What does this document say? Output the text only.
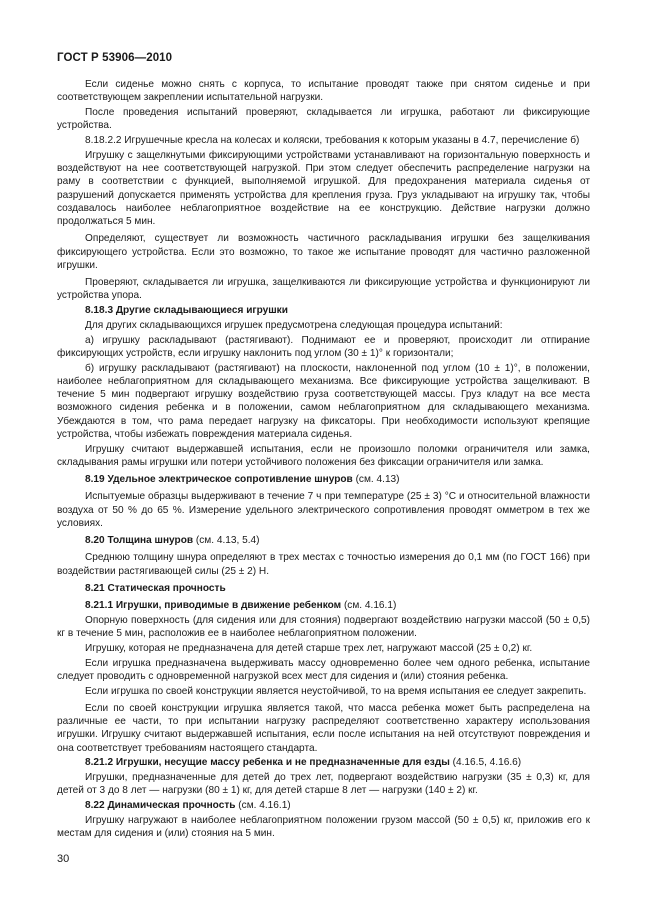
ГОСТ Р 53906—2010

Если сиденье можно снять с корпуса, то испытание проводят также при снятом сиденье и при соответствующем закреплении испытательной нагрузки.

После проведения испытаний проверяют, складывается ли игрушка, работают ли фиксирующие устройства.

8.18.2.2 Игрушечные кресла на колесах и коляски, требования к которым указаны в 4.7, перечисление б)

Игрушку с защелкнутыми фиксирующими устройствами устанавливают на горизонтальную поверхность и воздействуют на нее соответствующей нагрузкой. При этом следует обеспечить распределение нагрузки на раму в соответствии с функцией, выполняемой игрушкой. Для предохранения материала сиденья от разрушений допускается применять устройства для крепления груза. Груз укладывают на игрушку так, чтобы создавалось наиболее неблагоприятное воздействие на ее конструкцию. Действие нагрузки должно продолжаться 5 мин.

Определяют, существует ли возможность частичного раскладывания игрушки без защелкивания фиксирующего устройства. Если это возможно, то такое же испытание проводят для частично разложенной игрушки.

Проверяют, складывается ли игрушка, защелкиваются ли фиксирующие устройства и функционируют ли устройства упора.

8.18.3 Другие складывающиеся игрушки

Для других складывающихся игрушек предусмотрена следующая процедура испытаний:

а) игрушку раскладывают (растягивают). Поднимают ее и проверяют, происходит ли отпирание фиксирующих устройств, если игрушку наклонить под углом (30 ± 1)° к горизонтали;

б) игрушку раскладывают (растягивают) на плоскости, наклоненной под углом (10 ± 1)°, в положении, наиболее неблагоприятном для складывающего механизма. Все фиксирующие устройства защелкивают. В течение 5 мин подвергают игрушку воздействию груза соответствующей массы. Груз кладут на все места возможного сидения ребенка и в положении, самом неблагоприятном для складывающего механизма. Убеждаются в том, что рама передает нагрузку на фиксаторы. При необходимости используют крепящие устройства, чтобы избежать повреждения материала сиденья.

Игрушку считают выдержавшей испытания, если не произошло поломки ограничителя или замка, складывания рамы игрушки или потери устойчивого положения без фиксации ограничителя или замка.

8.19 Удельное электрическое сопротивление шнуров (см. 4.13)

Испытуемые образцы выдерживают в течение 7 ч при температуре (25 ± 3) °С и относительной влажности воздуха от 50 % до 65 %. Измерение удельного электрического сопротивления проводят омметром в тех же условиях.

8.20 Толщина шнуров (см. 4.13, 5.4)

Среднюю толщину шнура определяют в трех местах с точностью измерения до 0,1 мм (по ГОСТ 166) при воздействии растягивающей силы (25 ± 2) Н.

8.21 Статическая прочность

8.21.1 Игрушки, приводимые в движение ребенком (см. 4.16.1)

Опорную поверхность (для сидения или для стояния) подвергают воздействию нагрузки массой (50 ± 0,5) кг в течение 5 мин, расположив ее в наиболее неблагоприятном положении.

Игрушку, которая не предназначена для детей старше трех лет, нагружают массой (25 ± 0,2) кг.

Если игрушка предназначена выдерживать массу одновременно более чем одного ребенка, испытание следует проводить с одновременной нагрузкой всех мест для сидения и (или) стояния ребенка.

Если игрушка по своей конструкции является неустойчивой, то на время испытания ее следует закрепить.

Если по своей конструкции игрушка является такой, что масса ребенка может быть распределена на различные ее части, то при испытании нагрузку распределяют соответственно характеру использования игрушки. Игрушку считают выдержавшей испытания, если после испытания на ней отсутствуют повреждения и она соответствует требованиям настоящего стандарта.

8.21.2 Игрушки, несущие массу ребенка и не предназначенные для езды (4.16.5, 4.16.6)

Игрушки, предназначенные для детей до трех лет, подвергают воздействию нагрузки (35 ± 0,3) кг, для детей от 3 до 8 лет — нагрузки (80 ± 1) кг, для детей старше 8 лет — нагрузки (140 ± 2) кг.

8.22 Динамическая прочность (см. 4.16.1)

Игрушку нагружают в наиболее неблагоприятном положении грузом массой (50 ± 0,5) кг, приложив его к местам для сидения и (или) стояния на 5 мин.

30
